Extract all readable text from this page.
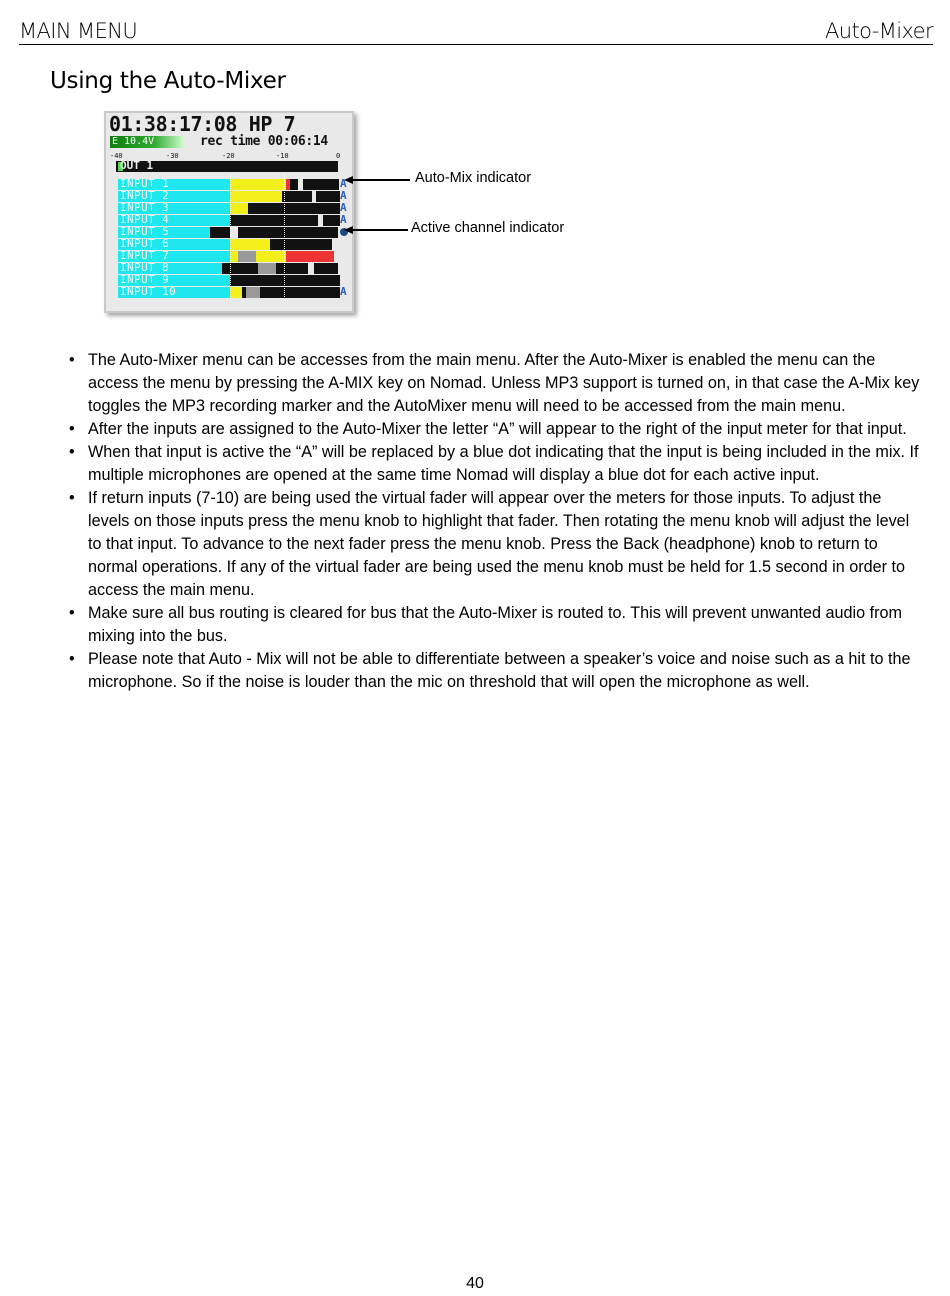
MAIN MENU	Auto-Mixer
Using the Auto-Mixer
01:38:17:08 HP 7
E 10.4V	rec time 00:06:14
-40	-30	-20	-10	0
OUT 1
INPUT 1	A
INPUT 2	A
INPUT 3	A
INPUT 4	A
INPUT 5
INPUT 6
INPUT 7
INPUT 8
INPUT 9
INPUT 10	A
Auto-Mix indicator
Active channel indicator
• The Auto-Mixer menu can be accesses from the main menu. After the Auto-Mixer is enabled the menu can the access the menu by pressing the A-MIX key on Nomad. Unless MP3 support is turned on, in that case the A-Mix key toggles the MP3 recording marker and the AutoMixer menu will need to be accessed from the main menu.
• After the inputs are assigned to the Auto-Mixer the letter “A” will appear to the right of the input meter for that input.
• When that input is active the “A” will be replaced by a blue dot indicating that the input is being included in the mix. If multiple microphones are opened at the same time Nomad will display a blue dot for each active input.
• If return inputs (7-10) are being used the virtual fader will appear over the meters for those inputs. To adjust the levels on those inputs press the menu knob to highlight that fader. Then rotating the menu knob will adjust the level to that input. To advance to the next fader press the menu knob. Press the Back (headphone) knob to return to normal operations. If any of the virtual fader are being used the menu knob must be held for 1.5 second in order to access the main menu.
• Make sure all bus routing is cleared for bus that the Auto-Mixer is routed to. This will prevent unwanted audio from mixing into the bus.
• Please note that Auto - Mix will not be able to differentiate between a speaker’s voice and noise such as a hit to the microphone. So if the noise is louder than the mic on threshold that will open the microphone as well.
40
